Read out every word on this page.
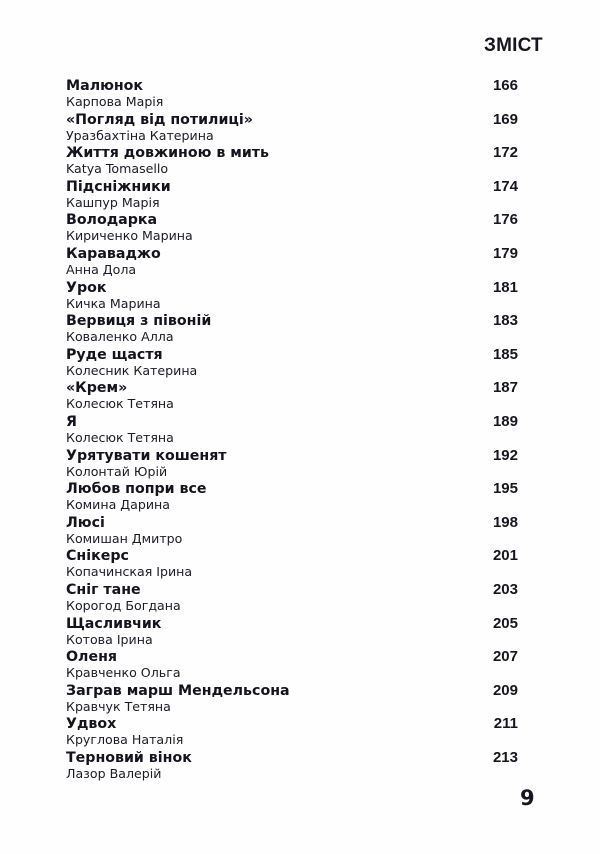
ЗМІСТ
Малюнок
Карпова Марія
166
«Погляд від потилиці»
Уразбахтіна Катерина
169
Життя довжиною в мить
Katya Tomasello
172
Підсніжники
Кашпур Марія
174
Володарка
Кириченко Марина
176
Караваджо
Анна Дола
179
Урок
Кичка Марина
181
Вервиця з півоній
Коваленко Алла
183
Руде щастя
Колесник Катерина
185
«Крем»
Колесюк Тетяна
187
Я
Колесюк Тетяна
189
Урятувати кошенят
Колонтай Юрій
192
Любов попри все
Комина Дарина
195
Люсі
Комишан Дмитро
198
Снікерс
Копачинская Ірина
201
Сніг тане
Корогод Богдана
203
Щасливчик
Котова Ірина
205
Оленя
Кравченко Ольга
207
Заграв марш Мендельсона
Кравчук Тетяна
209
Удвох
Круглова Наталія
211
Терновий вінок
Лазор Валерій
213
9
